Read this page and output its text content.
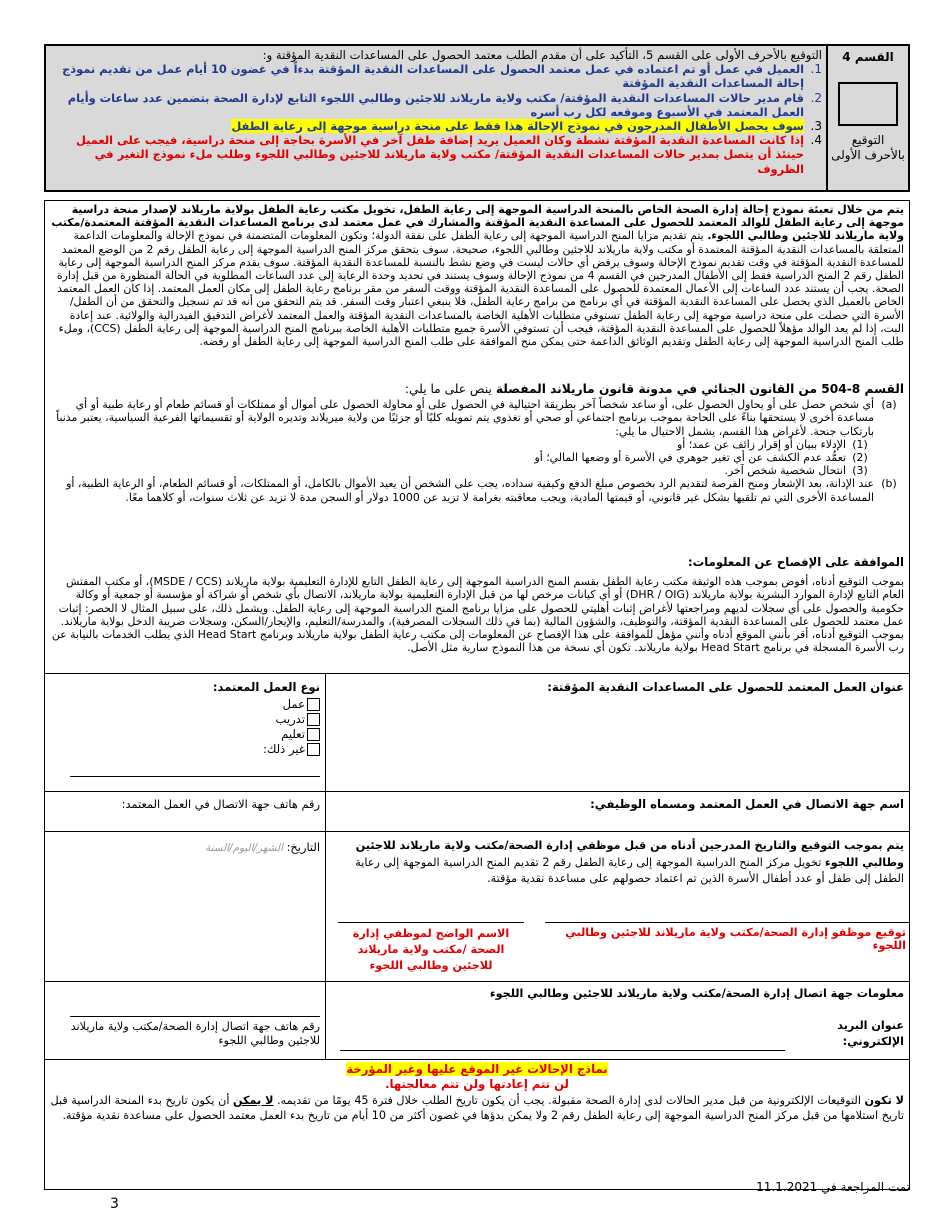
القسم 4
التوقيع بالأحرف الأولى
التوقيع بالأحرف الأولى على القسم 5، التأكيد على أن مقدم الطلب معتمد الحصول على المساعدات النقدية المؤقتة و:
1.
العميل في عمل أو تم اعتماده في عمل معتمد الحصول على المساعدات النقدية المؤقتة بدءاً في غضون 10 أيام عمل من تقديم نموذج إحالة المساعدات النقدية المؤقتة
2.
قام مدير حالات المساعدات النقدية المؤقتة/ مكتب ولاية ماريلاند للاجئين وطالبي اللجوء التابع لإدارة الصحة بتضمين عدد ساعات وأيام العمل المعتمد في الأسبوع وموقعه لكل رب أسره
3.
سوف يحصل الأطفال المدرجون في نموذج الإحالة هذا فقط على منحة دراسية موجهة إلى رعاية الطفل
4.
إذا كانت المساعدة النقدية المؤقتة نشطة وكان العميل يريد إضافة طفل آخر في الأسرة بحاجة إلى منحة دراسية، فيجب على العميل حينئذ أن يتصل بمدير حالات المساعدات النقدية المؤقتة/ مكتب ولاية ماريلاند للاجئين وطالبي اللجوء وطلب ملء نموذج التغير في الظروف
يتم من خلال تعبئة نموذج إحالة إدارة الصحة الخاص بالمنحة الدراسية الموجهة إلى رعاية الطفل، تخويل مكتب رعاية الطفل بولاية ماريلاند لإصدار منحة دراسية موجهة إلى رعاية الطفل للوالد المعتمد للحصول على المساعدة النقدية المؤقتة والمشارك في عمل معتمد لدى برنامج المساعدات النقدية المؤقتة المعتمدة/مكتب ولاية ماريلاند للاجئين وطالبي اللجوء. يتم تقديم مزايا المنح الدراسية الموجهة إلى رعاية الطفل على نفقة الدولة؛ وتكون المعلومات المتضمنة في نموذج الإحالة والمعلومات الداعمة المتعلقة بالمساعدات النقدية المؤقتة المعتمدة أو مكتب ولاية ماريلاند للاجئين وطالبي اللجوء، صحيحة. سوف يتحقق مركز المنح الدراسية الموجهة إلى رعاية الطفل رقم 2 من الوضع المعتمد للمساعدة النقدية المؤقتة في وقت تقديم نموذج الإحالة وسوف يرفض أي حالات ليست في وضع نشط بالنسبة للمساعدة النقدية المؤقتة. سوف يقدم مركز المنح الدراسية الموجهة إلى رعاية الطفل رقم 2 المنح الدراسية فقط إلى الأطفال المدرجين في القسم 4 من نموذج الإحالة وسوف يستند في تحديد وحدة الرعاية إلى عدد الساعات المطلوبة في الحالة المنظورة من قبل إدارة الصحة. يجب أن يستند عدد الساعات إلى الأعمال المعتمدة للحصول على المساعدة النقدية المؤقتة ووقت السفر من مقر برنامج رعاية الطفل إلى مكان العمل المعتمد. إذا كان العمل المعتمد الخاص بالعميل الذي يحصل على المساعدة النقدية المؤقتة في أي برنامج من برامج رعاية الطفل، فلا ينبغي اعتبار وقت السفر. قد يتم التحقق من أنه قد تم تسجيل والتحقق من أن الطفل/الأسرة التي حصلت على منحة دراسية موجهة إلى رعاية الطفل تستوفي متطلبات الأهلية الخاصة بالمساعدات النقدية المؤقتة والعمل المعتمد لأغراض التدقيق الفيدرالية والولائية. عند إعادة البت، إذا لم يعد الوالد مؤهلاً للحصول على المساعدة النقدية المؤقتة، فيجب أن تستوفي الأسرة جميع متطلبات الأهلية الخاصة ببرنامج المنح الدراسية الموجهة إلى رعاية الطفل (CCS)، وملء طلب المنح الدراسية الموجهة إلى رعاية الطفل وتقديم الوثائق الداعمة حتى يمكن منح الموافقة على طلب المنح الدراسية الموجهة إلى رعاية الطفل أو رفضه.
القسم 8-504 من القانون الجنائي في مدونة قانون ماريلاند المفصلة ينص على ما يلي:
(a)
أي شخص حصل على أو يحاول الحصول على، أو ساعد شخصاً آخر بطريقة احتيالية في الحصول على أو محاولة الحصول على أموال أو ممتلكات أو قسائم طعام أو رعاية طبية أو أي مساعدة أخرى لا يستحقها بناءً على الحاجة بموجب برنامج اجتماعي أو صحي أو تغذوي يتم تمويله كليًا أو جزئيًا من ولاية ميريلاند وتديره الولاية أو تقسيماتها الفرعية السياسية، يعتبر مذنباً بارتكاب جنحة. لأغراض هذا القسم، يشمل الاحتيال ما يلي:
(1)
الإدلاء ببيان أو إقرار زائف عن عمد؛ أو
(2)
تعمُّد عدم الكشف عن أي تغير جوهري في الأسرة أو وضعها المالي؛ أو
(3)
انتحال شخصية شخص آخر.
(b)
عند الإدانة، بعد الإشعار ومنح الفرصة لتقديم الرد بخصوص مبلغ الدفع وكيفية سداده، يجب على الشخص أن يعيد الأموال بالكامل، أو الممتلكات، أو قسائم الطعام، أو الرعاية الطبية، أو المساعدة الأخرى التي تم تلقيها بشكل غير قانوني، أو قيمتها المادية، ويجب معاقبته بغرامة لا تزيد عن 1000 دولار أو السجن مدة لا تزيد عن ثلاث سنوات، أو كلاهما معًا.
الموافقة على الإفصاح عن المعلومات:
بموجب التوقيع أدناه، أفوض بموجب هذه الوثيقة مكتب رعاية الطفل بقسم المنح الدراسية الموجهة إلى رعاية الطفل التابع للإدارة التعليمية بولاية ماريلاند (MSDE / CCS)، أو مكتب المفتش العام التابع لإدارة الموارد البشرية بولاية ماريلاند (DHR / OIG) أو أي كيانات مرخص لها من قبل الإدارة التعليمية بولاية ماريلاند، الاتصال بأي شخص أو شراكة أو مؤسسة أو جمعية أو وكالة حكومية والحصول على أي سجلات لديهم ومراجعتها لأغراض إثبات أهليتي للحصول على مزايا برنامج المنح الدراسية الموجهة إلى رعاية الطفل. ويشمل ذلك، على سبيل المثال لا الحصر: إثبات عمل معتمد للحصول على المساعدة النقدية المؤقتة، والتوظيف، والشؤون المالية (بما في ذلك السجلات المصرفية)، والمدرسة/التعليم، والإيجار/السكن، وسجلات ضريبة الدخل بولاية ماريلاند. بموجب التوقيع أدناه، أقر بأنني الموقع أدناه وأنني مؤهل للموافقة على هذا الإفصاح عن المعلومات إلى مكتب رعاية الطفل بولاية ماريلاند وبرنامج Head Start الذي يطلب الخدمات بالنيابة عن رب الأسرة المسجلة في برنامج Head Start بولاية ماريلاند. تكون أي نسخة من هذا النموذج سارية مثل الأصل.
عنوان العمل المعتمد للحصول على المساعدات النقدية المؤقتة:
نوع العمل المعتمد:
عمل
تدريب
تعليم
غير ذلك:
اسم جهة الاتصال في العمل المعتمد ومسماه الوظيفي:
رقم هاتف جهة الاتصال في العمل المعتمد:
يتم بموجب التوقيع والتاريخ المدرجين أدناه من قبل موظفي إدارة الصحة/مكتب ولاية ماريلاند للاجئين وطالبي اللجوء تخويل مركز المنح الدراسية الموجهة إلى رعاية الطفل رقم 2 تقديم المنح الدراسية الموجهة إلى رعاية الطفل إلى طفل أو عدد أطفال الأسرة الذين تم اعتماد حصولهم على مساعدة نقدية مؤقتة.
التاريخ: الشهر/اليوم/السنة
توقيع موظفو إدارة الصحة/مكتب ولاية ماريلاند للاجئين وطالبي اللجوء
الاسم الواضح لموظفي إدارة الصحة /مكتب ولاية ماريلاند للاجئين وطالبي اللجوء
معلومات جهة اتصال إدارة الصحة/مكتب ولاية ماريلاند للاجئين وطالبي اللجوء
عنوان البريد الإلكتروني:
رقم هاتف جهة اتصال إدارة الصحة/مكتب ولاية ماريلاند للاجئين وطالبي اللجوء
نماذج الإحالات غير الموقع عليها وغير المؤرخة
لن تتم إعادتها ولن تتم معالجتها.
لا تكون التوقيعات الإلكترونية من قبل مدير الحالات لدى إدارة الصحة مقبولة. يجب أن يكون تاريخ الطلب خلال فترة 45 يومًا من تقديمه. لا يمكن أن يكون تاريخ بدء المنحة الدراسية قبل تاريخ استلامها من قبل مركز المنح الدراسية الموجهة إلى رعاية الطفل رقم 2 ولا يمكن بدؤها في غضون أكثر من 10 أيام من تاريخ بدء العمل معتمد الحصول على مساعدة نقدية مؤقتة.
تمت المراجعة في 11.1.2021
3
